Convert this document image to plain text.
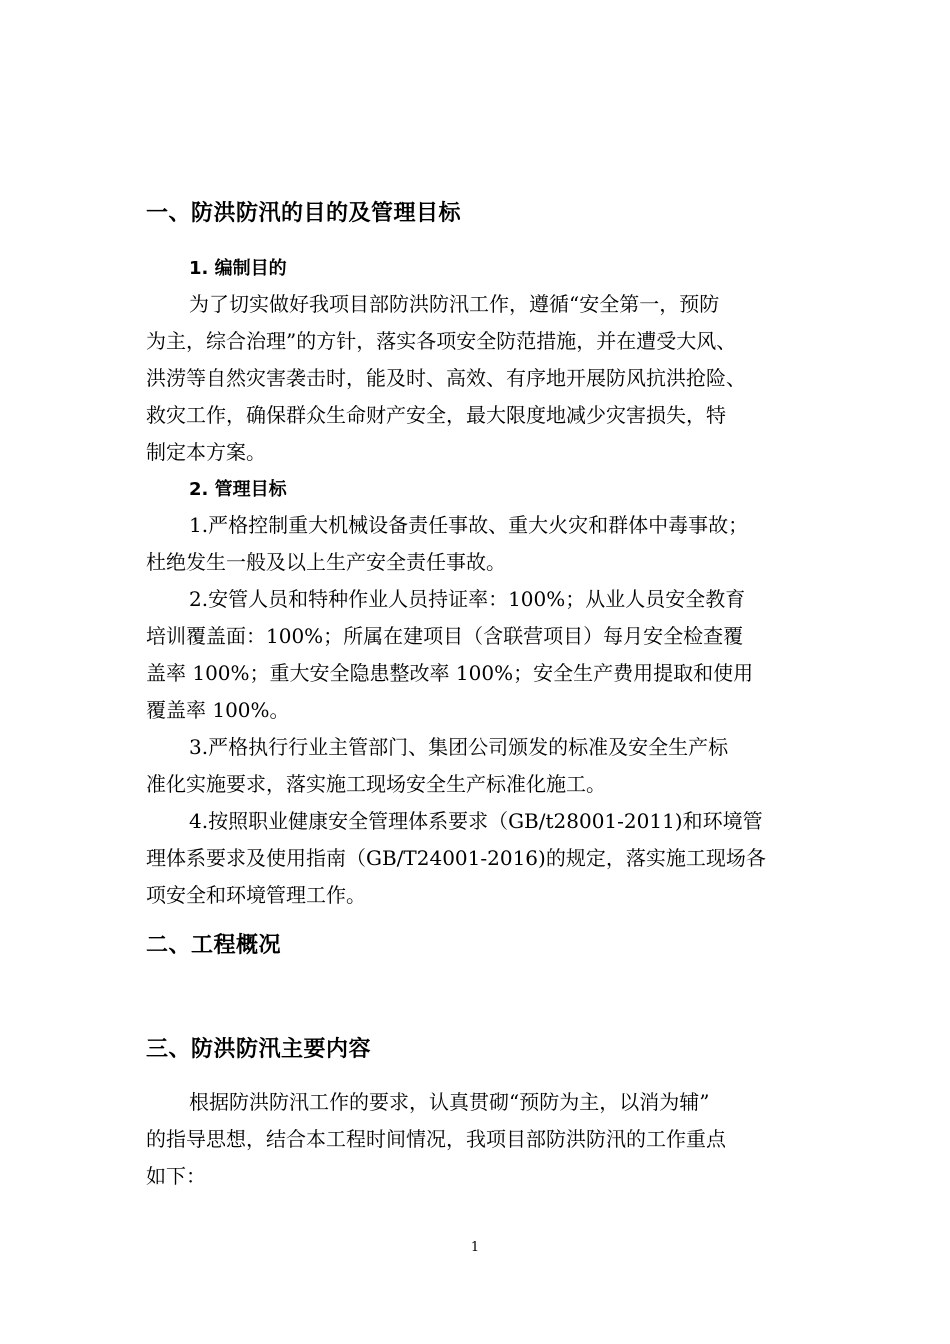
一、防洪防汛的目的及管理目标
1. 编制目的

为了切实做好我项目部防洪防汛工作，遵循“安全第一，预防
为主，综合治理”的方针，落实各项安全防范措施，并在遭受大风、
洪涝等自然灾害袭击时，能及时、高效、有序地开展防风抗洪抢险、
救灾工作，确保群众生命财产安全，最大限度地减少灾害损失，特
制定本方案。

2. 管理目标

1.严格控制重大机械设备责任事故、重大火灾和群体中毒事故；
杜绝发生一般及以上生产安全责任事故。

2.安管人员和特种作业人员持证率：100%；从业人员安全教育
培训覆盖面：100%；所属在建项目（含联营项目）每月安全检查覆
盖率 100%；重大安全隐患整改率 100%；安全生产费用提取和使用
覆盖率 100%。

3.严格执行行业主管部门、集团公司颁发的标准及安全生产标
准化实施要求，落实施工现场安全生产标准化施工。

4.按照职业健康安全管理体系要求（GB/t28001-2011)和环境管
理体系要求及使用指南（GB/T24001-2016)的规定，落实施工现场各
项安全和环境管理工作。

二、工程概况
三、防洪防汛主要内容

根据防洪防汛工作的要求，认真贯砌“预防为主，以消为辅”
的指导思想，结合本工程时间情况，我项目部防洪防汛的工作重点
如下：

1
